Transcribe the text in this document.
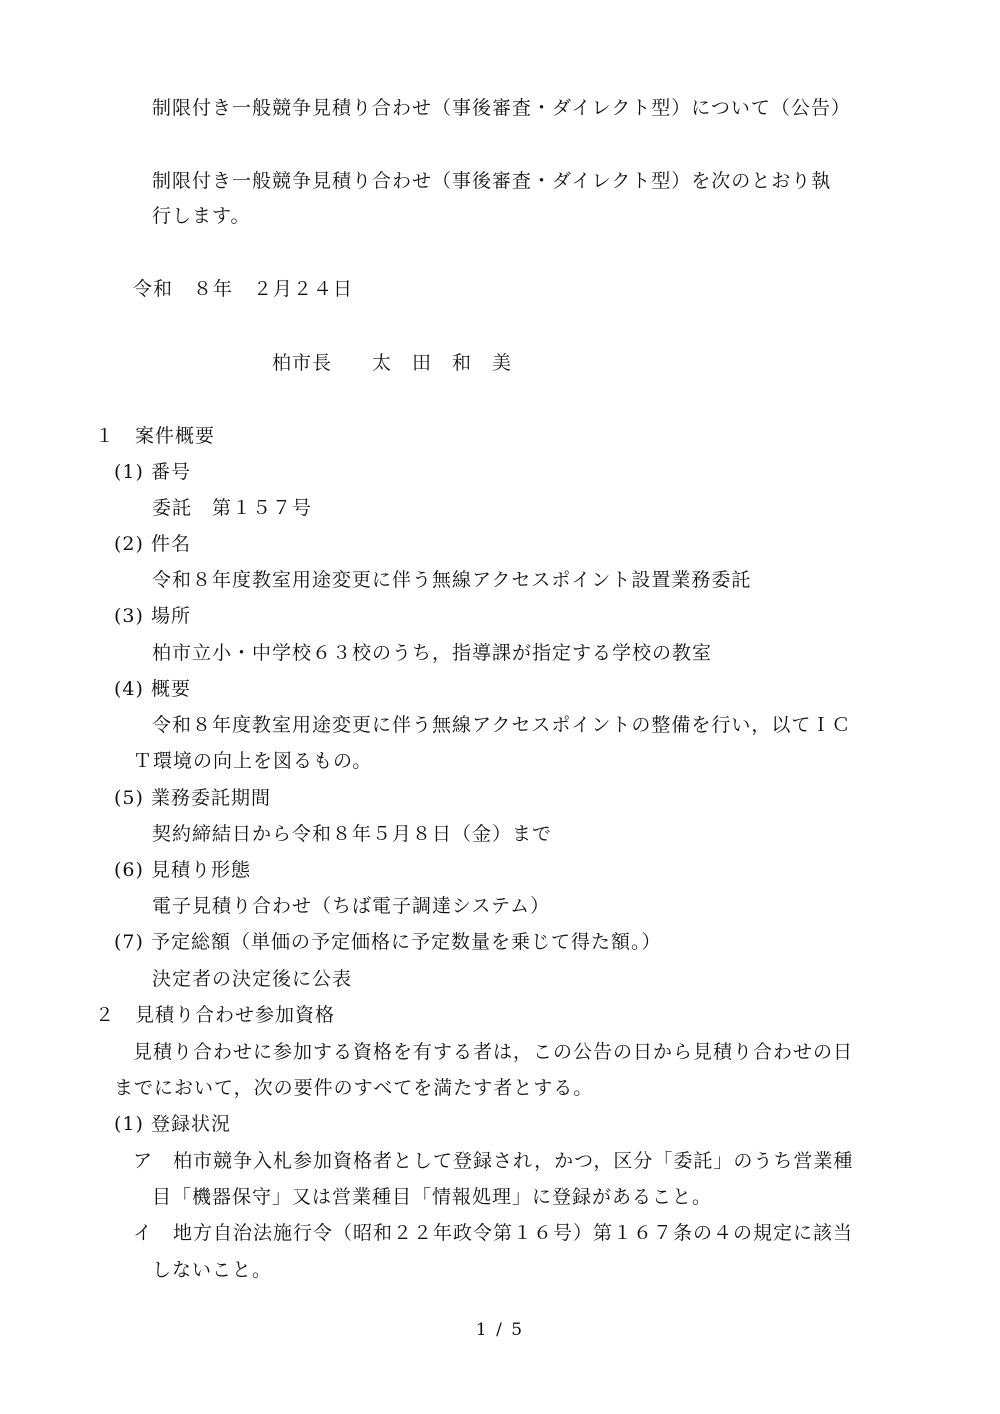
制限付き一般競争見積り合わせ（事後審査・ダイレクト型）について（公告）
制限付き一般競争見積り合わせ（事後審査・ダイレクト型）を次のとおり執
行します。
令和　８年　２月２４日
柏市長　　太　田　和　美
１　案件概要
(1) 番号
委託　第１５７号
(2) 件名
令和８年度教室用途変更に伴う無線アクセスポイント設置業務委託
(3) 場所
柏市立小・中学校６３校のうち，指導課が指定する学校の教室
(4) 概要
令和８年度教室用途変更に伴う無線アクセスポイントの整備を行い，以てＩＣ
Ｔ環境の向上を図るもの。
(5) 業務委託期間
契約締結日から令和８年５月８日（金）まで
(6) 見積り形態
電子見積り合わせ（ちば電子調達システム）
(7) 予定総額（単価の予定価格に予定数量を乗じて得た額。）
決定者の決定後に公表
２　見積り合わせ参加資格
見積り合わせに参加する資格を有する者は，この公告の日から見積り合わせの日
までにおいて，次の要件のすべてを満たす者とする。
(1) 登録状況
ア　柏市競争入札参加資格者として登録され，かつ，区分「委託」のうち営業種
目「機器保守」又は営業種目「情報処理」に登録があること。
イ　地方自治法施行令（昭和２２年政令第１６号）第１６７条の４の規定に該当
しないこと。
1 / 5
